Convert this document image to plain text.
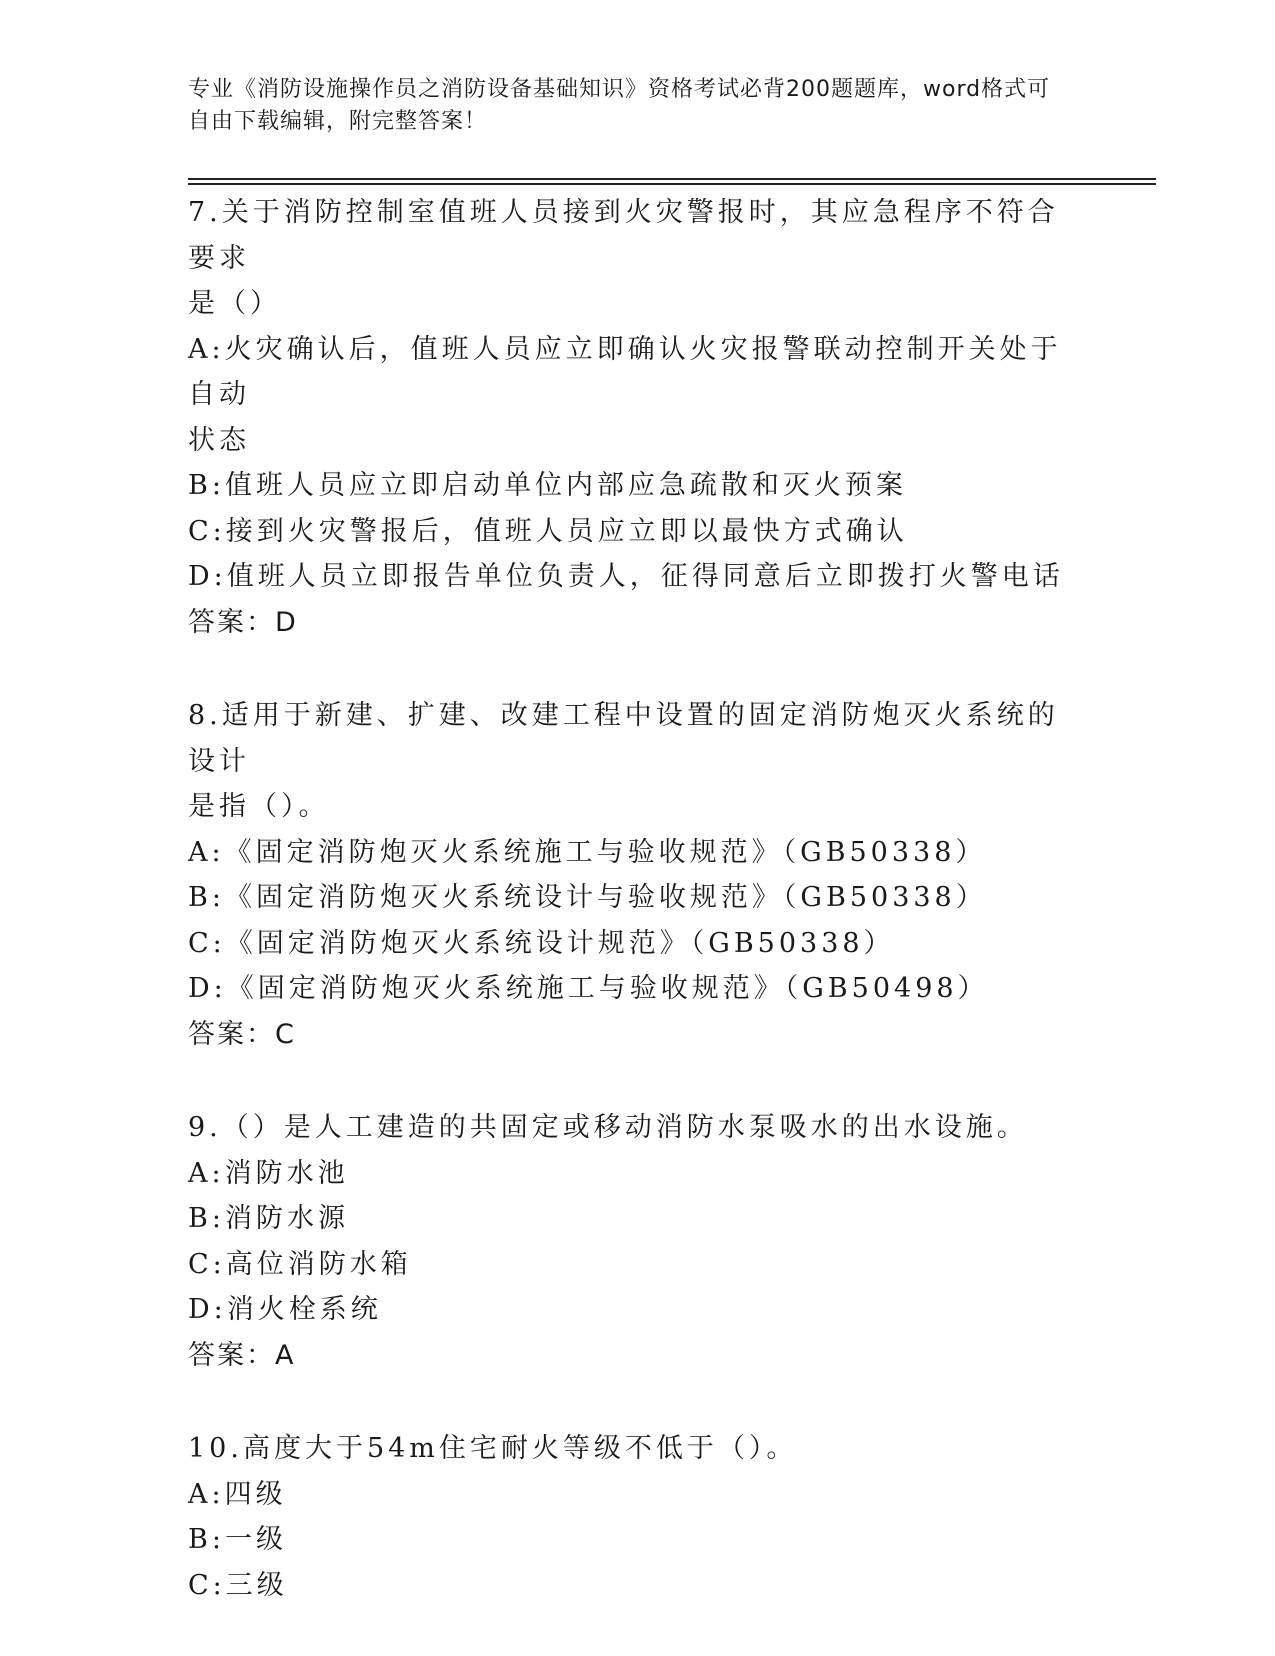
专业《消防设施操作员之消防设备基础知识》资格考试必背200题题库，word格式可自由下载编辑，附完整答案！
7.关于消防控制室值班人员接到火灾警报时，其应急程序不符合要求
是（）
A:火灾确认后，值班人员应立即确认火灾报警联动控制开关处于自动
状态
B:值班人员应立即启动单位内部应急疏散和灭火预案
C:接到火灾警报后，值班人员应立即以最快方式确认
D:值班人员立即报告单位负责人，征得同意后立即拨打火警电话
答案：D
8.适用于新建、扩建、改建工程中设置的固定消防炮灭火系统的设计
是指（）。
A:《固定消防炮灭火系统施工与验收规范》（GB50338）
B:《固定消防炮灭火系统设计与验收规范》（GB50338）
C:《固定消防炮灭火系统设计规范》（GB50338）
D:《固定消防炮灭火系统施工与验收规范》（GB50498）
答案：C
9.（）是人工建造的共固定或移动消防水泵吸水的出水设施。
A:消防水池
B:消防水源
C:高位消防水箱
D:消火栓系统
答案：A
10.高度大于54m住宅耐火等级不低于（）。
A:四级
B:一级
C:三级
